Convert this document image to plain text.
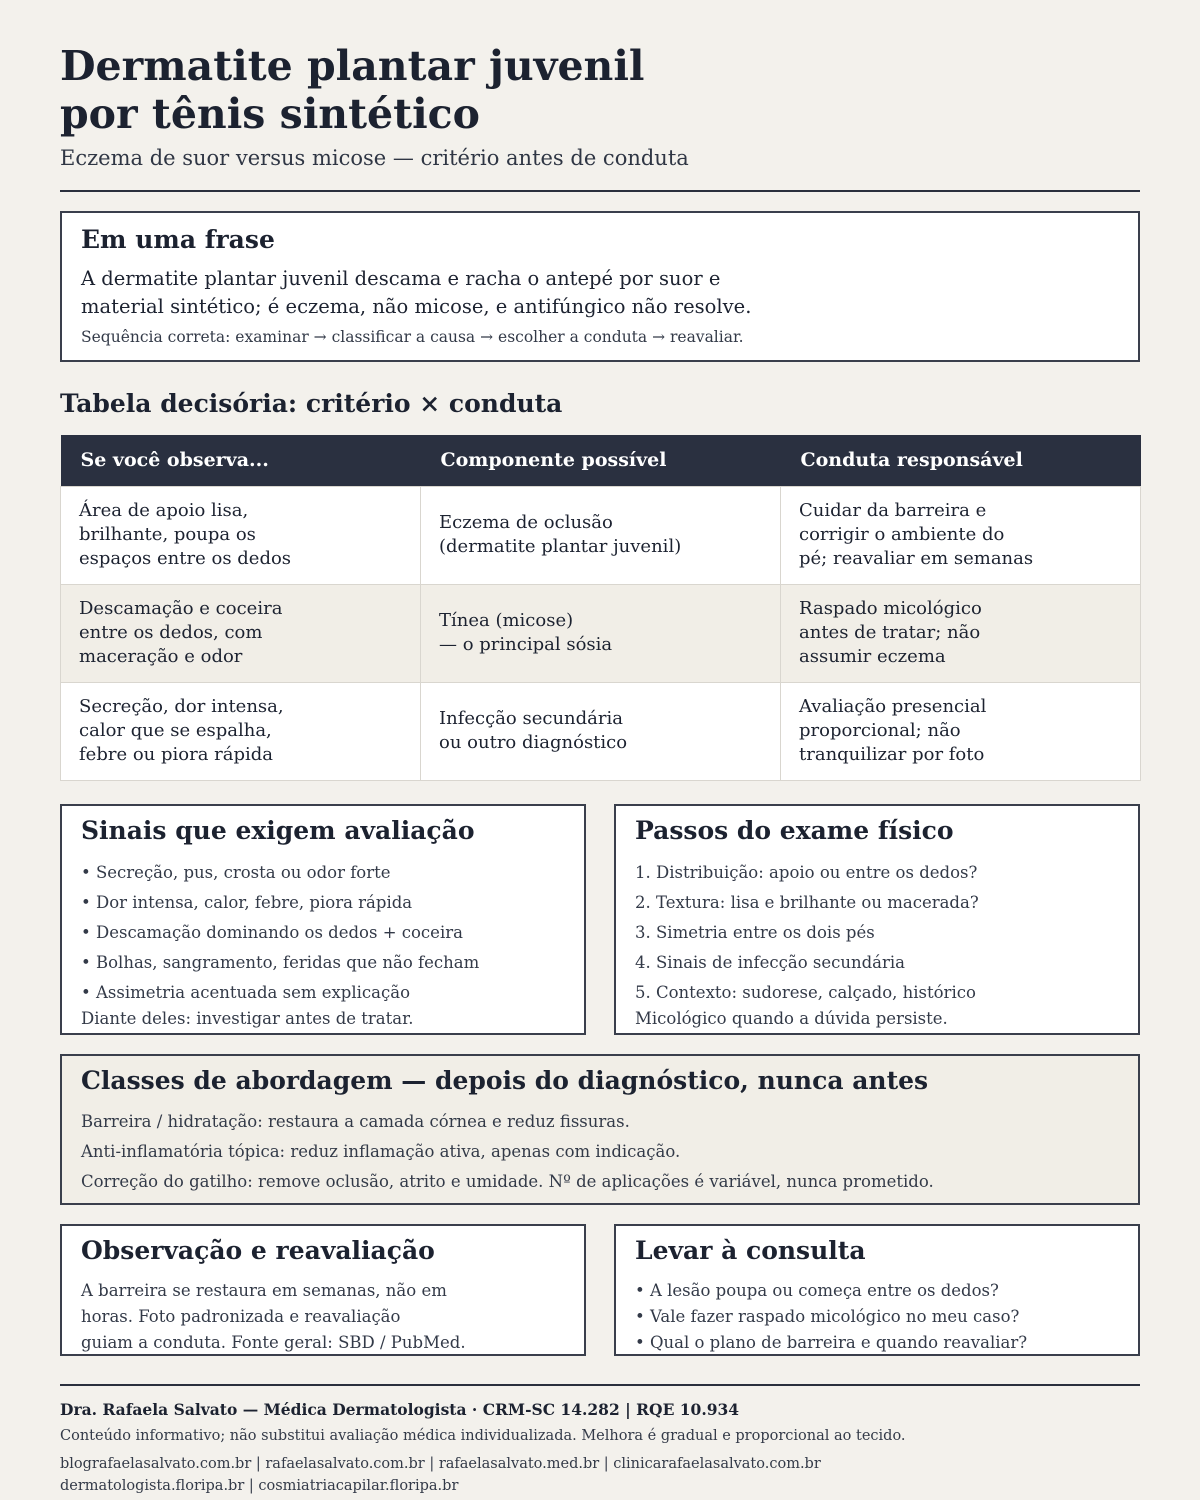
Dermatite plantar juvenil
por tênis sintético
Eczema de suor versus micose — critério antes de conduta
Em uma frase
A dermatite plantar juvenil descama e racha o antepé por suor e
material sintético; é eczema, não micose, e antifúngico não resolve.
Sequência correta: examinar → classificar a causa → escolher a conduta → reavaliar.
Tabela decisória: critério × conduta
Se você observa...	Componente possível	Conduta responsável

Área de apoio lisa,
brilhante, poupa os
espaços entre os dedos	Eczema de oclusão
(dermatite plantar juvenil)	Cuidar da barreira e
corrigir o ambiente do
pé; reavaliar em semanas

Descamação e coceira
entre os dedos, com
maceração e odor	Tínea (micose)
— o principal sósia	Raspado micológico
antes de tratar; não
assumir eczema

Secreção, dor intensa,
calor que se espalha,
febre ou piora rápida	Infecção secundária
ou outro diagnóstico	Avaliação presencial
proporcional; não
tranquilizar por foto
Sinais que exigem avaliação
• Secreção, pus, crosta ou odor forte
• Dor intensa, calor, febre, piora rápida
• Descamação dominando os dedos + coceira
• Bolhas, sangramento, feridas que não fecham
• Assimetria acentuada sem explicação
Diante deles: investigar antes de tratar.
Passos do exame físico
1. Distribuição: apoio ou entre os dedos?
2. Textura: lisa e brilhante ou macerada?
3. Simetria entre os dois pés
4. Sinais de infecção secundária
5. Contexto: sudorese, calçado, histórico
Micológico quando a dúvida persiste.
Classes de abordagem — depois do diagnóstico, nunca antes
Barreira / hidratação: restaura a camada córnea e reduz fissuras.
Anti-inflamatória tópica: reduz inflamação ativa, apenas com indicação.
Correção do gatilho: remove oclusão, atrito e umidade. Nº de aplicações é variável, nunca prometido.
Observação e reavaliação
A barreira se restaura em semanas, não em
horas. Foto padronizada e reavaliação
guiam a conduta. Fonte geral: SBD / PubMed.
Levar à consulta
• A lesão poupa ou começa entre os dedos?
• Vale fazer raspado micológico no meu caso?
• Qual o plano de barreira e quando reavaliar?
Dra. Rafaela Salvato — Médica Dermatologista · CRM-SC 14.282 | RQE 10.934
Conteúdo informativo; não substitui avaliação médica individualizada. Melhora é gradual e proporcional ao tecido.
blografaelasalvato.com.br | rafaelasalvato.com.br | rafaelasalvato.med.br | clinicarafaelasalvato.com.br
dermatologista.floripa.br | cosmiatriacapilar.floripa.br
